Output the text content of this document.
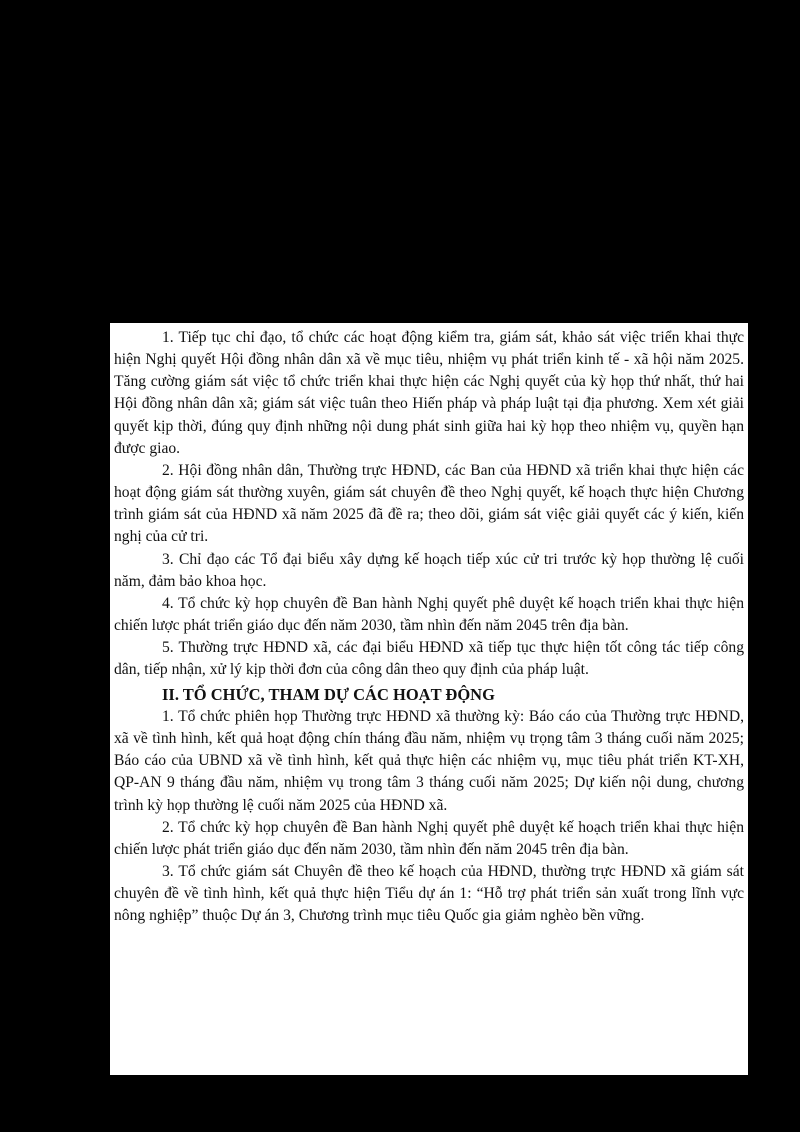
1. Tiếp tục chỉ đạo, tổ chức các hoạt động kiểm tra, giám sát, khảo sát việc triển khai thực hiện Nghị quyết Hội đồng nhân dân xã về mục tiêu, nhiệm vụ phát triển kinh tế - xã hội năm 2025. Tăng cường giám sát việc tổ chức triển khai thực hiện các Nghị quyết của kỳ họp thứ nhất, thứ hai Hội đồng nhân dân xã; giám sát việc tuân theo Hiến pháp và pháp luật tại địa phương. Xem xét giải quyết kịp thời, đúng quy định những nội dung phát sinh giữa hai kỳ họp theo nhiệm vụ, quyền hạn được giao.

2. Hội đồng nhân dân, Thường trực HĐND, các Ban của HĐND xã triển khai thực hiện các hoạt động giám sát thường xuyên, giám sát chuyên đề theo Nghị quyết, kế hoạch thực hiện Chương trình giám sát của HĐND xã năm 2025 đã đề ra; theo dõi, giám sát việc giải quyết các ý kiến, kiến nghị của cử tri.

3. Chỉ đạo các Tổ đại biểu xây dựng kế hoạch tiếp xúc cử tri trước kỳ họp thường lệ cuối năm, đảm bảo khoa học.

4. Tổ chức kỳ họp chuyên đề Ban hành Nghị quyết phê duyệt kế hoạch triển khai thực hiện chiến lược phát triển giáo dục đến năm 2030, tầm nhìn đến năm 2045 trên địa bàn.

5. Thường trực HĐND xã, các đại biểu HĐND xã tiếp tục thực hiện tốt công tác tiếp công dân, tiếp nhận, xử lý kịp thời đơn của công dân theo quy định của pháp luật.

II. TỔ CHỨC, THAM DỰ CÁC HOẠT ĐỘNG

1. Tổ chức phiên họp Thường trực HĐND xã thường kỳ: Báo cáo của Thường trực HĐND, xã về tình hình, kết quả hoạt động chín tháng đầu năm, nhiệm vụ trọng tâm 3 tháng cuối năm 2025; Báo cáo của UBND xã về tình hình, kết quả thực hiện các nhiệm vụ, mục tiêu phát triển KT-XH, QP-AN 9 tháng đầu năm, nhiệm vụ trong tâm 3 tháng cuối năm 2025; Dự kiến nội dung, chương trình kỳ họp thường lệ cuối năm 2025 của HĐND xã.

2. Tổ chức kỳ họp chuyên đề Ban hành Nghị quyết phê duyệt kế hoạch triển khai thực hiện chiến lược phát triển giáo dục đến năm 2030, tầm nhìn đến năm 2045 trên địa bàn.

3. Tổ chức giám sát Chuyên đề theo kế hoạch của HĐND, thường trực HĐND xã giám sát chuyên đề về tình hình, kết quả thực hiện Tiểu dự án 1: “Hỗ trợ phát triển sản xuất trong lĩnh vực nông nghiệp” thuộc Dự án 3, Chương trình mục tiêu Quốc gia giảm nghèo bền vững.
